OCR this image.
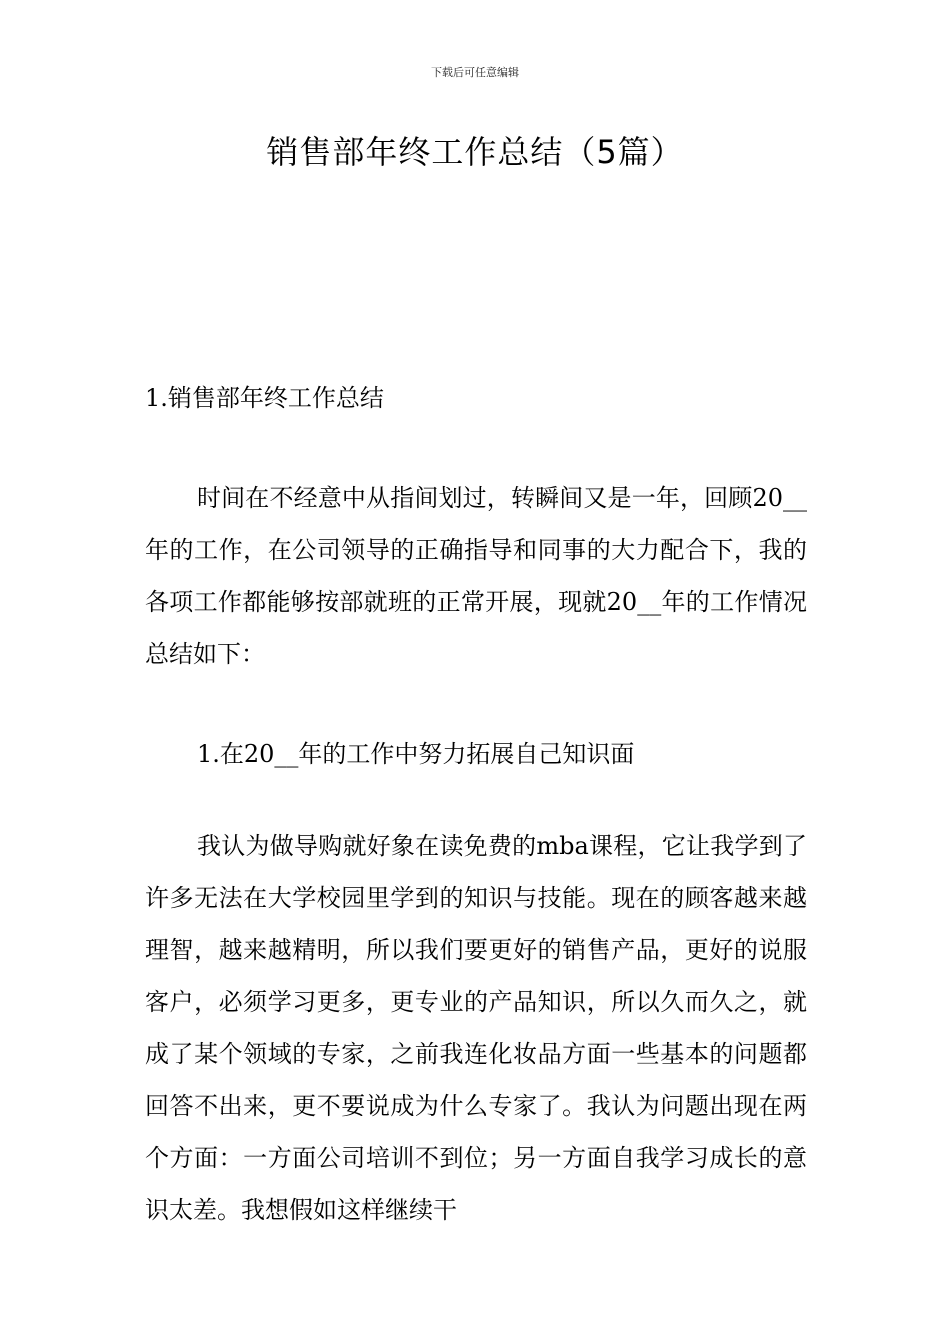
下载后可任意编辑
销售部年终工作总结（5篇）
1.销售部年终工作总结

时间在不经意中从指间划过，转瞬间又是一年，回顾20__年的工作，在公司领导的正确指导和同事的大力配合下，我的各项工作都能够按部就班的正常开展，现就20__年的工作情况总结如下：

1.在20__年的工作中努力拓展自己知识面

我认为做导购就好象在读免费的mba课程，它让我学到了许多无法在大学校园里学到的知识与技能。现在的顾客越来越理智，越来越精明，所以我们要更好的销售产品，更好的说服客户，必须学习更多，更专业的产品知识，所以久而久之，就成了某个领域的专家，之前我连化妆品方面一些基本的问题都回答不出来，更不要说成为什么专家了。我认为问题出现在两个方面：一方面公司培训不到位；另一方面自我学习成长的意识太差。我想假如这样继续干
